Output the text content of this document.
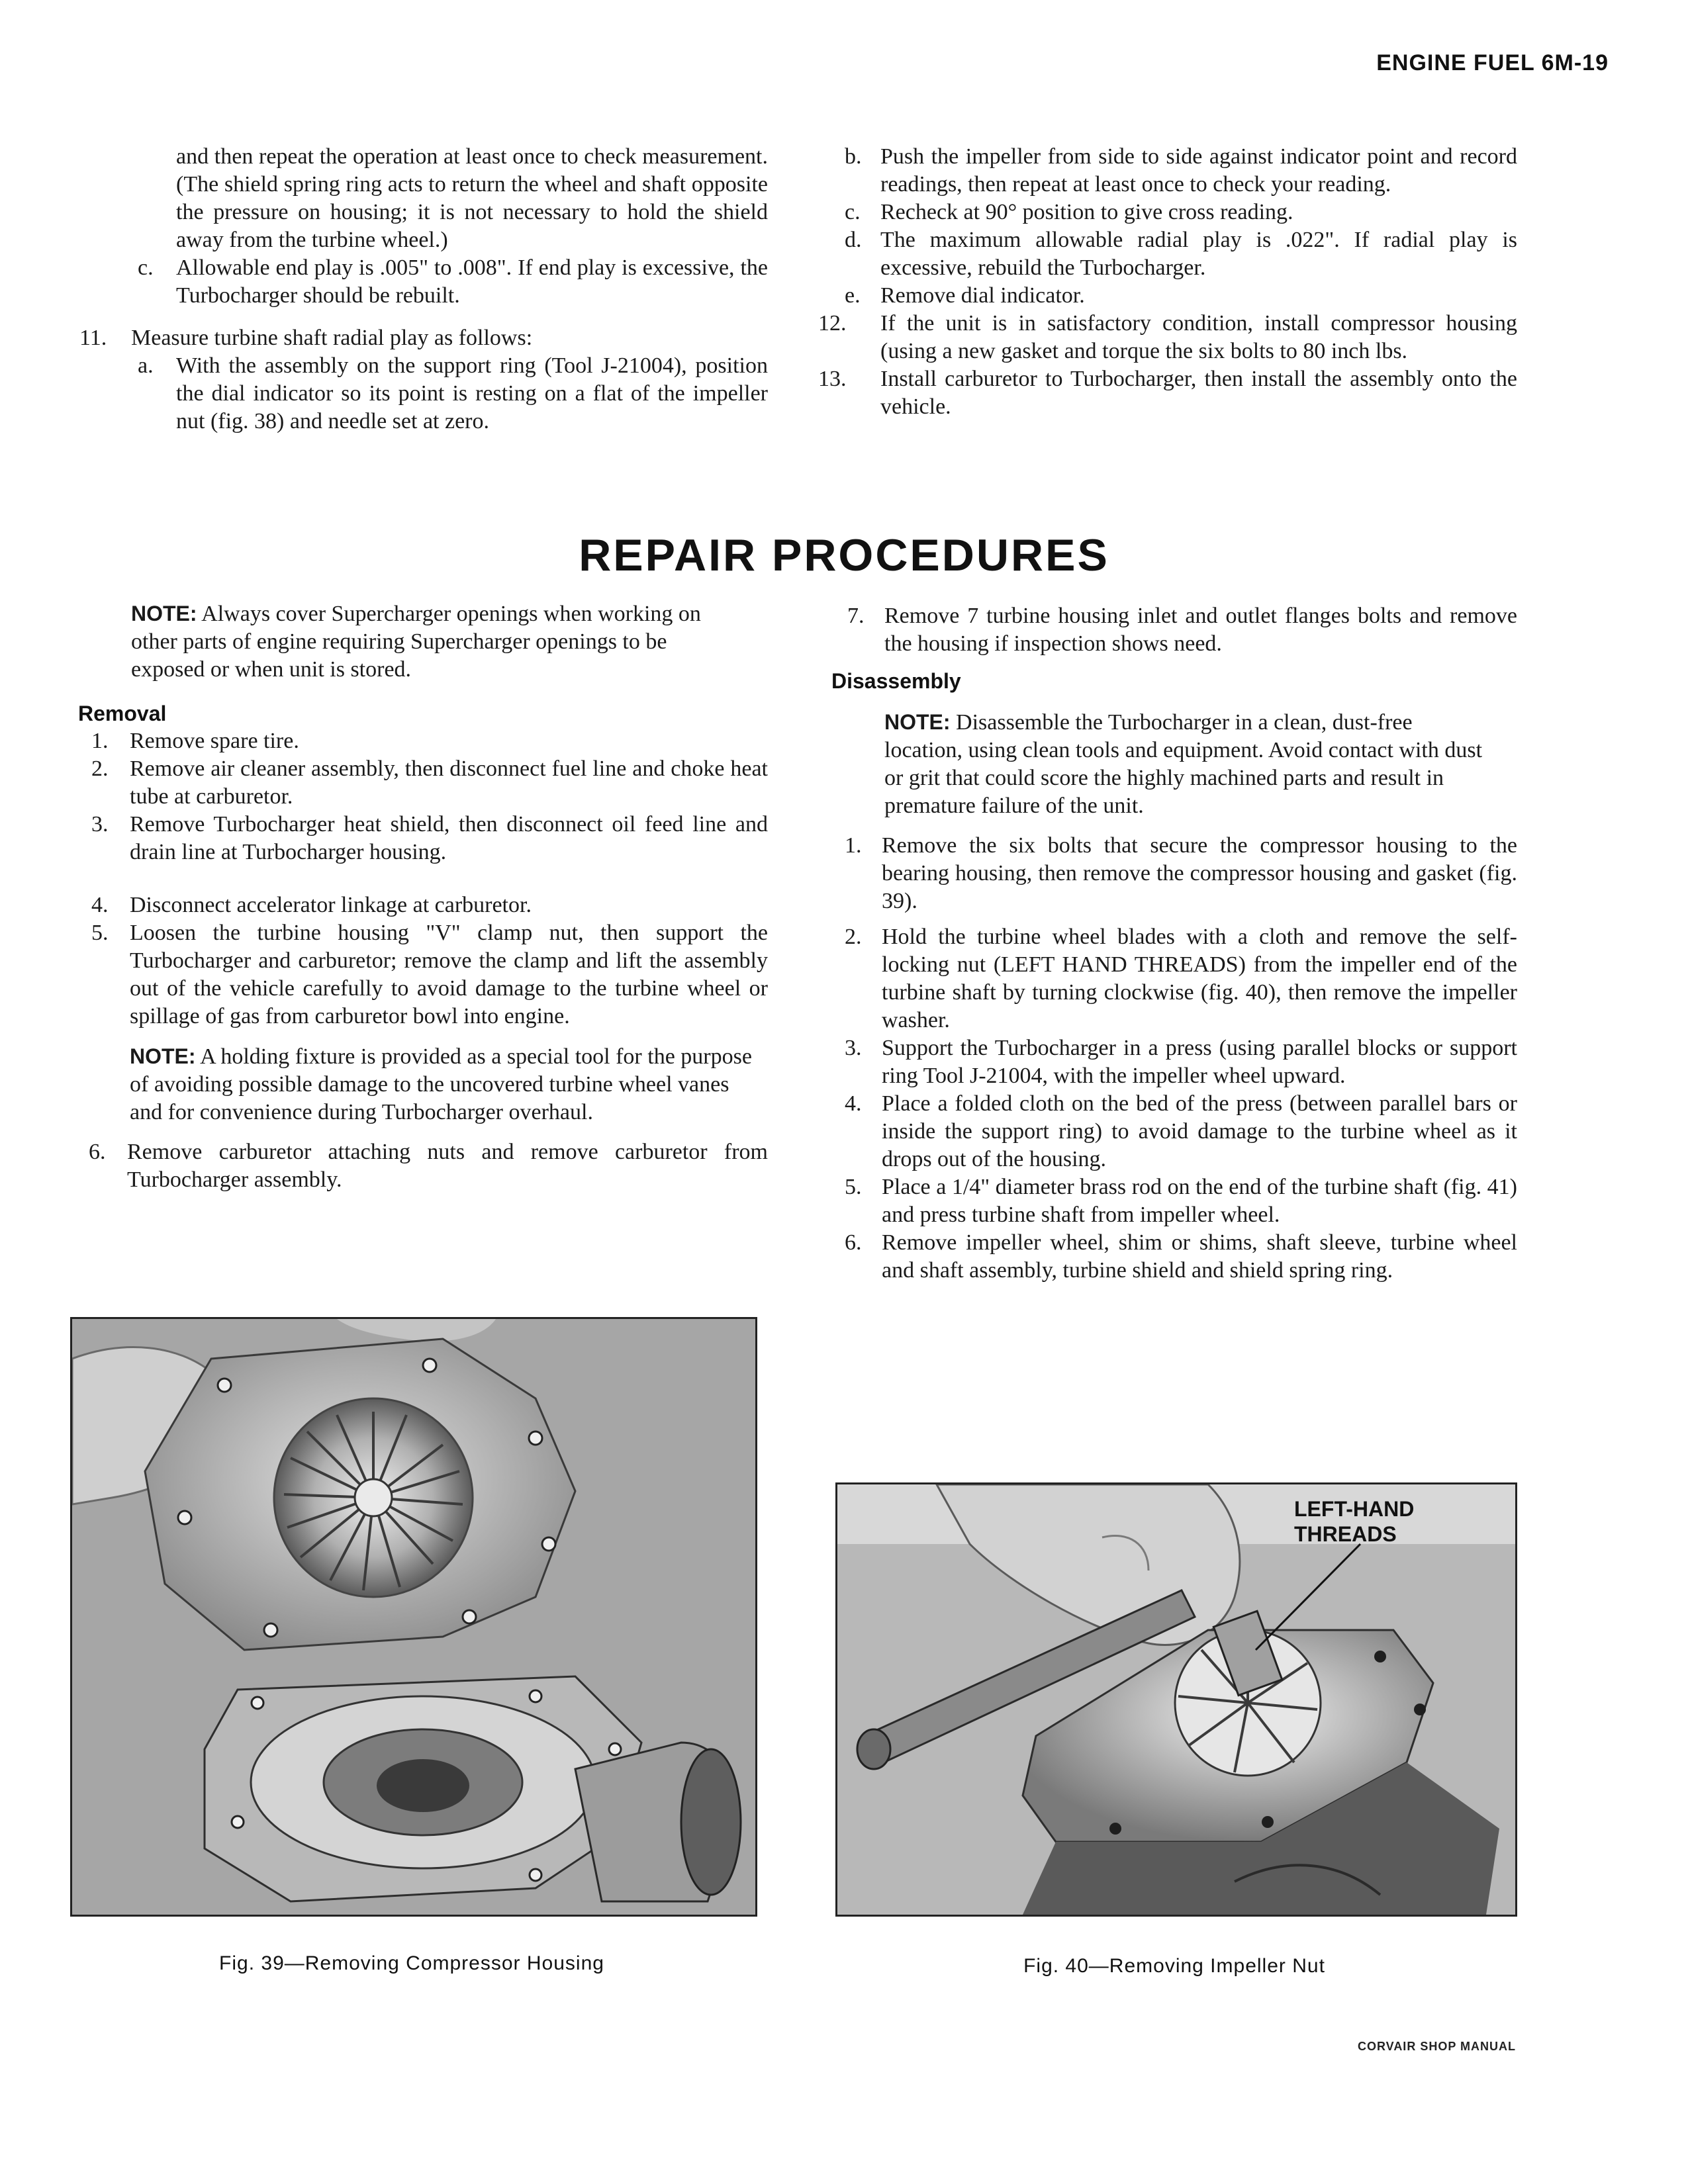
ENGINE FUEL 6M-19
and then repeat the operation at least once to check measurement. (The shield spring ring acts to return the wheel and shaft opposite the pressure on housing; it is not necessary to hold the shield away from the turbine wheel.)
c. Allowable end play is .005" to .008". If end play is excessive, the Turbocharger should be rebuilt.
11. Measure turbine shaft radial play as follows:
a. With the assembly on the support ring (Tool J-21004), position the dial indicator so its point is resting on a flat of the impeller nut (fig. 38) and needle set at zero.
b. Push the impeller from side to side against indicator point and record readings, then repeat at least once to check your reading.
c. Recheck at 90° position to give cross reading.
d. The maximum allowable radial play is .022". If radial play is excessive, rebuild the Turbocharger.
e. Remove dial indicator.
12. If the unit is in satisfactory condition, install compressor housing (using a new gasket and torque the six bolts to 80 inch lbs.
13. Install carburetor to Turbocharger, then install the assembly onto the vehicle.
REPAIR PROCEDURES
NOTE: Always cover Supercharger openings when working on other parts of engine requiring Supercharger openings to be exposed or when unit is stored.
Removal
1. Remove spare tire.
2. Remove air cleaner assembly, then disconnect fuel line and choke heat tube at carburetor.
3. Remove Turbocharger heat shield, then disconnect oil feed line and drain line at Turbocharger housing.
4. Disconnect accelerator linkage at carburetor.
5. Loosen the turbine housing "V" clamp nut, then support the Turbocharger and carburetor; remove the clamp and lift the assembly out of the vehicle carefully to avoid damage to the turbine wheel or spillage of gas from carburetor bowl into engine.
NOTE: A holding fixture is provided as a special tool for the purpose of avoiding possible damage to the uncovered turbine wheel vanes and for convenience during Turbocharger overhaul.
6. Remove carburetor attaching nuts and remove carburetor from Turbocharger assembly.
7. Remove 7 turbine housing inlet and outlet flanges bolts and remove the housing if inspection shows need.
Disassembly
NOTE: Disassemble the Turbocharger in a clean, dust-free location, using clean tools and equipment. Avoid contact with dust or grit that could score the highly machined parts and result in premature failure of the unit.
1. Remove the six bolts that secure the compressor housing to the bearing housing, then remove the compressor housing and gasket (fig. 39).
2. Hold the turbine wheel blades with a cloth and remove the self-locking nut (LEFT HAND THREADS) from the impeller end of the turbine shaft by turning clockwise (fig. 40), then remove the impeller washer.
3. Support the Turbocharger in a press (using parallel blocks or support ring Tool J-21004, with the impeller wheel upward.
4. Place a folded cloth on the bed of the press (between parallel bars or inside the support ring) to avoid damage to the turbine wheel as it drops out of the housing.
5. Place a 1/4" diameter brass rod on the end of the turbine shaft (fig. 41) and press turbine shaft from impeller wheel.
6. Remove impeller wheel, shim or shims, shaft sleeve, turbine wheel and shaft assembly, turbine shield and shield spring ring.
Fig. 39—Removing Compressor Housing
LEFT-HAND
THREADS
Fig. 40—Removing Impeller Nut
CORVAIR SHOP MANUAL
